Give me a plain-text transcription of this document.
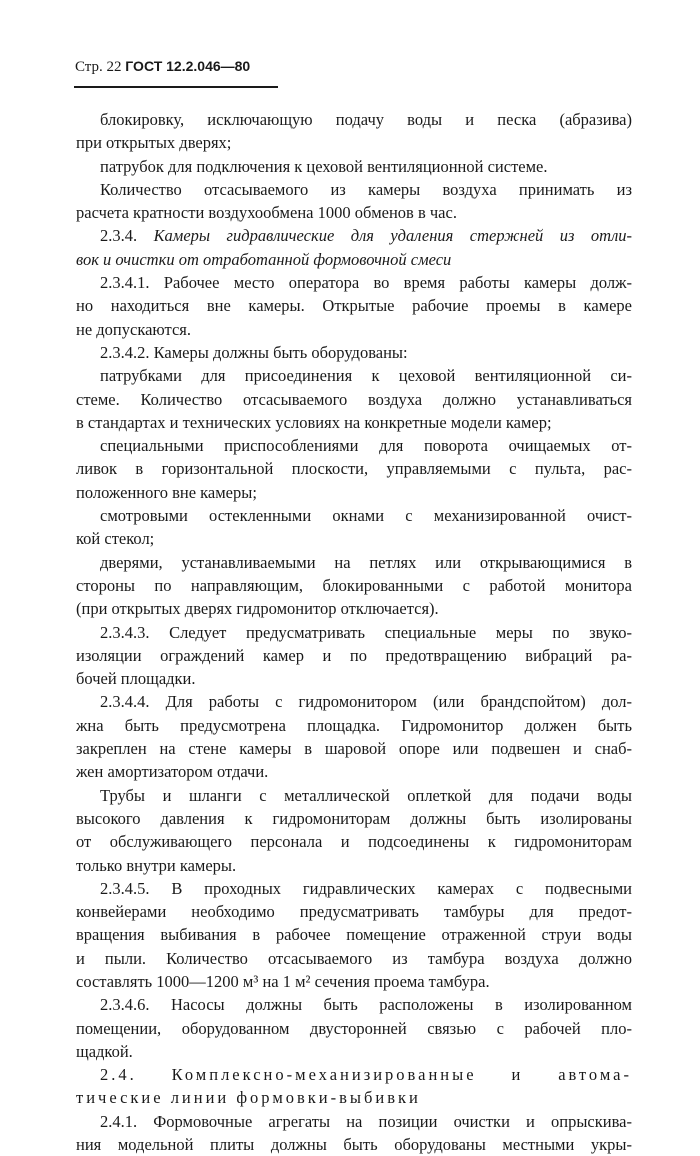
Стр. 22 ГОСТ 12.2.046—80
блокировку, исключающую подачу воды и песка (абразива)
при открытых дверях;
патрубок для подключения к цеховой вентиляционной системе.
Количество отсасываемого из камеры воздуха принимать из
расчета кратности воздухообмена 1000 обменов в час.
2.3.4. Камеры гидравлические для удаления стержней из отли-
вок и очистки от отработанной формовочной смеси
2.3.4.1. Рабочее место оператора во время работы камеры долж-
но находиться вне камеры. Открытые рабочие проемы в камере
не допускаются.
2.3.4.2. Камеры должны быть оборудованы:
патрубками для присоединения к цеховой вентиляционной си-
стеме. Количество отсасываемого воздуха должно устанавливаться
в стандартах и технических условиях на конкретные модели камер;
специальными приспособлениями для поворота очищаемых от-
ливок в горизонтальной плоскости, управляемыми с пульта, рас-
положенного вне камеры;
смотровыми остекленными окнами с механизированной очист-
кой стекол;
дверями, устанавливаемыми на петлях или открывающимися в
стороны по направляющим, блокированными с работой монитора
(при открытых дверях гидромонитор отключается).
2.3.4.3. Следует предусматривать специальные меры по звуко-
изоляции ограждений камер и по предотвращению вибраций ра-
бочей площадки.
2.3.4.4. Для работы с гидромонитором (или брандспойтом) дол-
жна быть предусмотрена площадка. Гидромонитор должен быть
закреплен на стене камеры в шаровой опоре или подвешен и снаб-
жен амортизатором отдачи.
Трубы и шланги с металлической оплеткой для подачи воды
высокого давления к гидромониторам должны быть изолированы
от обслуживающего персонала и подсоединены к гидромониторам
только внутри камеры.
2.3.4.5. В проходных гидравлических камерах с подвесными
конвейерами необходимо предусматривать тамбуры для предот-
вращения выбивания в рабочее помещение отраженной струи воды
и пыли. Количество отсасываемого из тамбура воздуха должно
составлять 1000—1200 м³ на 1 м² сечения проема тамбура.
2.3.4.6. Насосы должны быть расположены в изолированном
помещении, оборудованном двусторонней связью с рабочей пло-
щадкой.
2.4. Комплексно-механизированные и автома-
тические линии формовки-выбивки
2.4.1. Формовочные агрегаты на позиции очистки и опрыскива-
ния модельной плиты должны быть оборудованы местными укры-
